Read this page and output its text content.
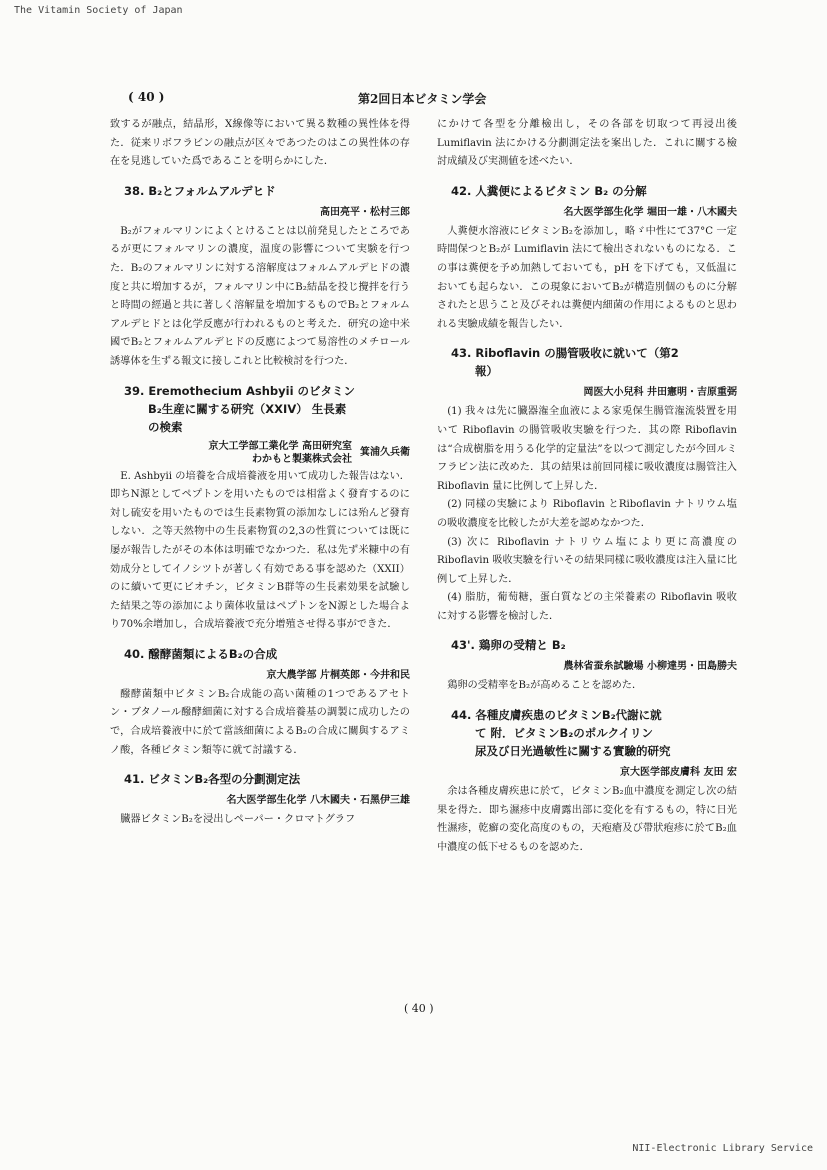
The Vitamin Society of Japan
( 40 )	第2回日本ビタミン学会

致するが融点，結晶形，X線像等において異る数種の異性体を得た．従来リボフラビンの融点が区々であつたのはこの異性体の存在を見逃していた爲であることを明らかにした．

38. B₂とフォルムアルデヒド
高田亮平・松村三郎

B₂がフォルマリンによくとけることは以前発見したところであるが更にフォルマリンの濃度，温度の影響について実験を行つた．B₂のフォルマリンに対する溶解度はフォルムアルデヒドの濃度と共に増加するが，フォルマリン中にB₂結晶を投じ攪拌を行うと時間の經過と共に著しく溶解量を増加するものでB₂とフォルムアルデヒドとは化学反應が行われるものと考えた．研究の途中米國でB₂とフォルムアルデヒドの反應によつて易溶性のメチロール誘導体を生ずる報文に接しこれと比較検討を行つた．

39. Eremothecium Ashbyii のビタミン
B₂生産に關する研究（XXIV） 生長素
の検索
京大工学部工業化学 高田研究室
わかもと製薬株式会社
箕浦久兵衛

E. Ashbyii の培養を合成培養液を用いて成功した報告はない．即ちN源としてペプトンを用いたものでは相當よく發育するのに対し硫安を用いたものでは生長素物質の添加なしには殆んど發育しない．之等天然物中の生長素物質の2,3の性質については既に屡が報告したがその本体は明確でなかつた．私は先ず米糠中の有効成分としてイノシツトが著しく有効である事を認めた（XXII）のに續いて更にビオチン，ビタミンB群等の生長素効果を試驗した結果之等の添加により菌体收量はペプトンをN源とした場合より70%余增加し，合成培養液で充分增殖させ得る事ができた．

40. 醱酵菌類によるB₂の合成
京大農学部 片桐英郎・今井和民

醱酵菌類中ビタミンB₂合成能の高い菌種の1つであるアセトン・ブタノール醱酵細菌に対する合成培養基の調製に成功したので，合成培養液中に於て當該細菌によるB₂の合成に關與するアミノ酸，各種ビタミン類等に就て討議する．

41. ビタミンB₂各型の分劃測定法
名大医学部生化学 八木國夫・石黑伊三雄

臓器ビタミンB₂を浸出しペーパー・クロマトグラフ

にかけて各型を分離檢出し，その各部を切取つて再浸出後 Lumiflavin 法にかける分劃測定法を案出した．これに關する檢討成績及び実測値を述べたい．

42. 人糞便によるビタミン B₂ の分解
名大医学部生化学 堀田一雄・八木國夫

人糞便水溶液にビタミンB₂を添加し，略ゞ中性にて37°C 一定時間保つとB₂が Lumiflavin 法にて檢出されないものになる．この事は糞便を予め加熱しておいても，pH を下げても，又低温においても起らない．この現象においてB₂が構造別個のものに分解されたと思うこと及びそれは糞便内細菌の作用によるものと思われる実驗成績を報告したい．

43. Riboflavin の腸管吸收に就いて（第2
報）
岡医大小兒科 井田憲明・吉原重弼

(1) 我々は先に臓器潅全血液による家兎保生腸管潅流裝置を用いて Riboflavin の腸管吸收実驗を行つた．其の際 Riboflavin は“合成樹脂を用うる化学的定量法”を以つて測定したが今回ルミフラビン法に改めた．其の結果は前回同樣に吸收濃度は腸管注入 Riboflavin 量に比例して上昇した．

(2) 同樣の実驗により Riboflavin とRiboflavin ナトリウム塩の吸收濃度を比較したが大差を認めなかつた．

(3) 次に Riboflavin ナトリウム塩により更に高濃度の Riboflavin 吸收実驗を行いその結果同樣に吸收濃度は注入量に比例して上昇した．

(4) 脂肪，葡萄糖，蛋白質などの主栄養素の Riboflavin 吸收に対する影響を檢討した．

43'. 鶏卵の受精と B₂
農林省蚕糸試驗場 小柳達男・田島勝夫

鶏卵の受精率をB₂が高めることを認めた．

44. 各種皮膚疾患のビタミンB₂代謝に就
て 附．ビタミンB₂のポルクイリン
尿及び日光過敏性に關する實驗的研究
京大医学部皮膚科 友田 宏

余は各種皮膚疾患に於て，ビタミンB₂血中濃度を測定し次の結果を得た．即ち濕疹中皮膚露出部に変化を有するもの，特に日光性濕疹，乾癬の変化高度のもの，天疱瘡及び帶狀疱疹に於てB₂血中濃度の低下せるものを認めた．

( 40 )
NII-Electronic Library Service
